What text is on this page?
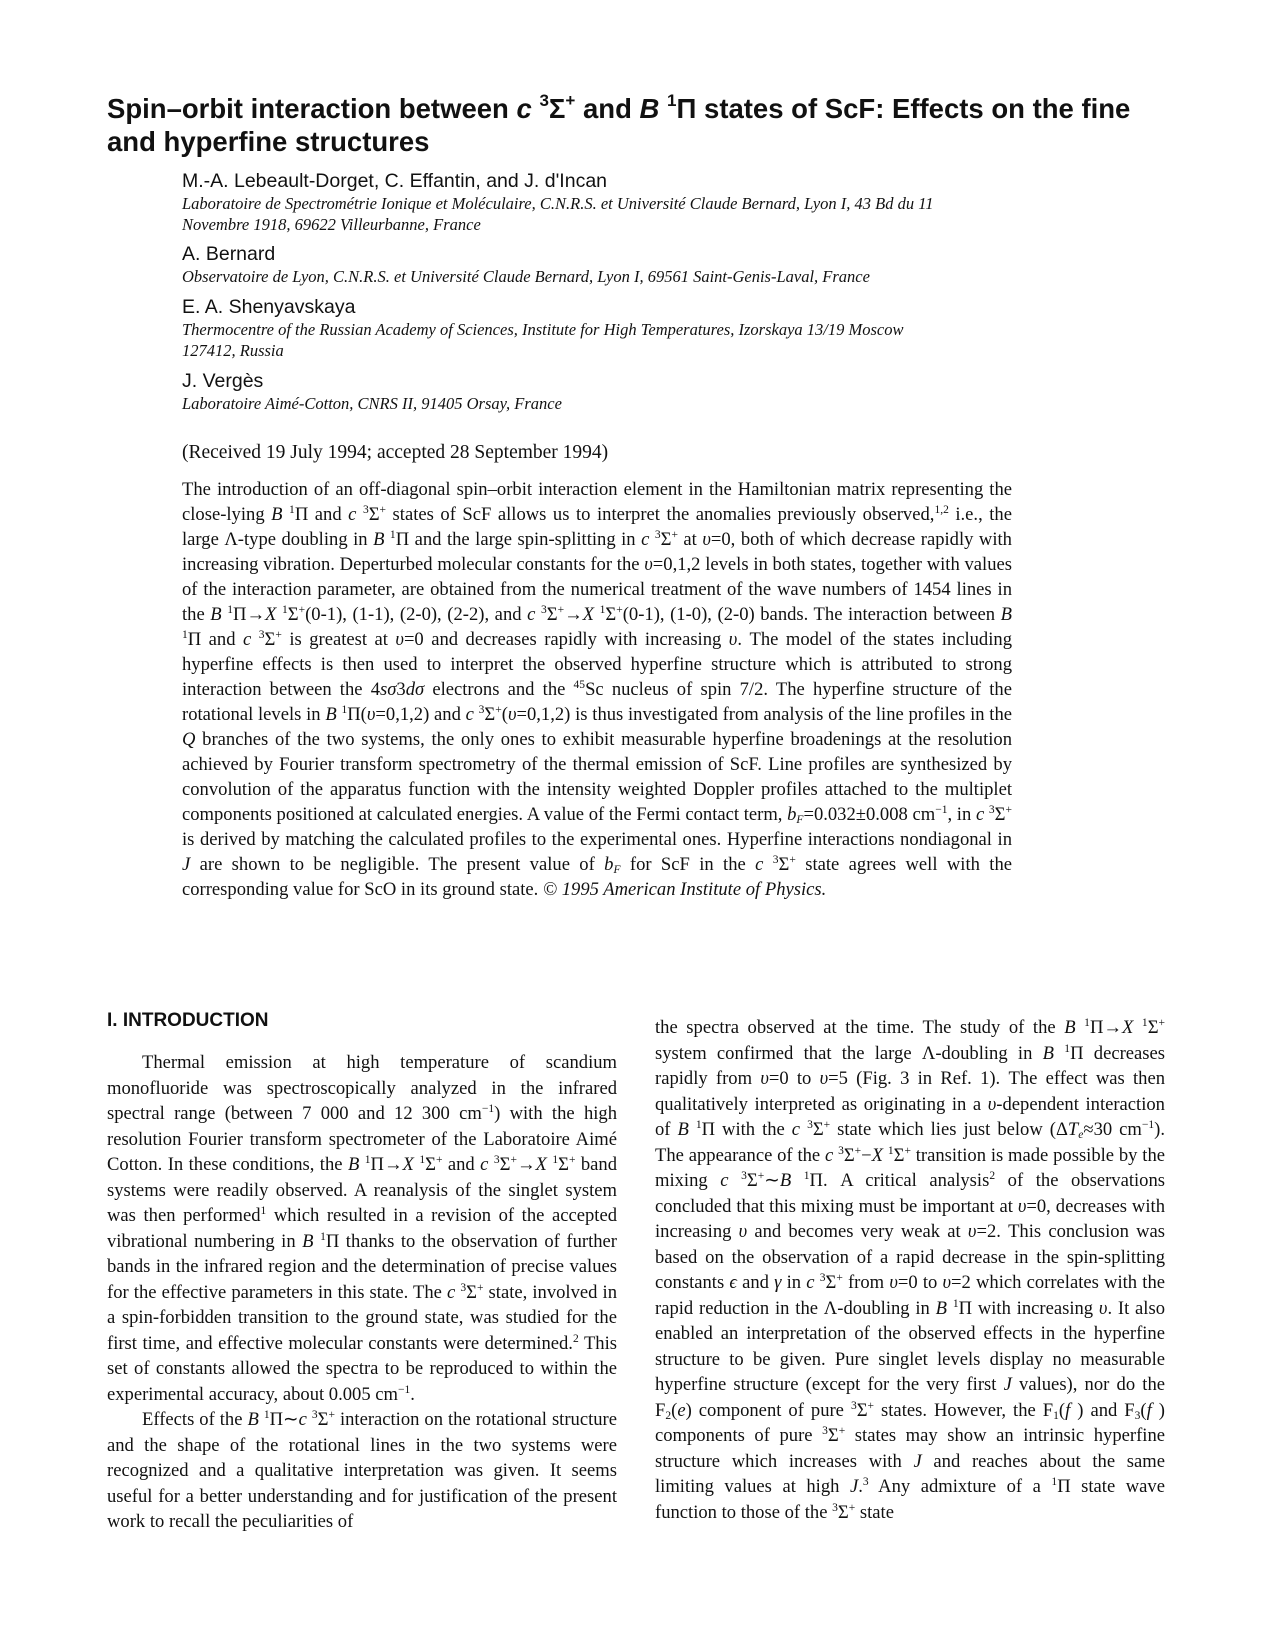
Spin–orbit interaction between c $^3$Σ+ and B $^1$Π states of ScF: Effects on the fine and hyperfine structures
M.-A. Lebeault-Dorget, C. Effantin, and J. d'Incan
Laboratoire de Spectrométrie Ionique et Moléculaire, C.N.R.S. et Université Claude Bernard, Lyon I, 43 Bd du 11 Novembre 1918, 69622 Villeurbanne, France
A. Bernard
Observatoire de Lyon, C.N.R.S. et Université Claude Bernard, Lyon I, 69561 Saint-Genis-Laval, France
E. A. Shenyavskaya
Thermocentre of the Russian Academy of Sciences, Institute for High Temperatures, Izorskaya 13/19 Moscow 127412, Russia
J. Vergès
Laboratoire Aimé-Cotton, CNRS II, 91405 Orsay, France
(Received 19 July 1994; accepted 28 September 1994)

The introduction of an off-diagonal spin–orbit interaction element in the Hamiltonian matrix representing the close-lying B $^1$Π and c $^3$Σ+ states of ScF allows us to interpret the anomalies previously observed,$^{1,2}$ i.e., the large Λ-type doubling in B $^1$Π and the large spin-splitting in c $^3$Σ+ at υ=0, both of which decrease rapidly with increasing vibration. Deperturbed molecular constants for the υ=0,1,2 levels in both states, together with values of the interaction parameter, are obtained from the numerical treatment of the wave numbers of 1454 lines in the B $^1$Π→X $^1$Σ+(0-1), (1-1), (2-0), (2-2), and c $^3$Σ+→X $^1$Σ+(0-1), (1-0), (2-0) bands. The interaction between B $^1$Π and c $^3$Σ+ is greatest at υ=0 and decreases rapidly with increasing υ. The model of the states including hyperfine effects is then used to interpret the observed hyperfine structure which is attributed to strong interaction between the 4sσ3dσ electrons and the $^{45}$Sc nucleus of spin 7/2. The hyperfine structure of the rotational levels in B $^1$Π(υ=0,1,2) and c $^3$Σ+(υ=0,1,2) is thus investigated from analysis of the line profiles in the Q branches of the two systems, the only ones to exhibit measurable hyperfine broadenings at the resolution achieved by Fourier transform spectrometry of the thermal emission of ScF. Line profiles are synthesized by convolution of the apparatus function with the intensity weighted Doppler profiles attached to the multiplet components positioned at calculated energies. A value of the Fermi contact term, $b_F=0.032\pm 0.008$ $cm^{-1}$, in c $^3$Σ+ is derived by matching the calculated profiles to the experimental ones. Hyperfine interactions nondiagonal in J are shown to be negligible. The present value of $b_F$ for ScF in the c $^3$Σ+ state agrees well with the corresponding value for ScO in its ground state. © 1995 American Institute of Physics.

I. INTRODUCTION

Thermal emission at high temperature of scandium monofluoride was spectroscopically analyzed in the infrared spectral range (between 7 000 and 12 300 $cm^{-1}$) with the high resolution Fourier transform spectrometer of the Laboratoire Aimé Cotton. In these conditions, the B $^1$Π→X $^1$Σ+ and c $^3$Σ+→X $^1$Σ+ band systems were readily observed. A reanalysis of the singlet system was then performed$^1$ which resulted in a revision of the accepted vibrational numbering in B $^1$Π thanks to the observation of further bands in the infrared region and the determination of precise values for the effective parameters in this state. The c $^3$Σ+ state, involved in a spin-forbidden transition to the ground state, was studied for the first time, and effective molecular constants were determined.$^2$ This set of constants allowed the spectra to be reproduced to within the experimental accuracy, about 0.005 $cm^{-1}$.

Effects of the B $^1$Π∼c $^3$Σ+ interaction on the rotational structure and the shape of the rotational lines in the two systems were recognized and a qualitative interpretation was given. It seems useful for a better understanding and for justification of the present work to recall the peculiarities of

the spectra observed at the time. The study of the B $^1$Π→X $^1$Σ+ system confirmed that the large Λ-doubling in B $^1$Π decreases rapidly from υ=0 to υ=5 (Fig. 3 in Ref. 1). The effect was then qualitatively interpreted as originating in a υ-dependent interaction of B $^1$Π with the c $^3$Σ+ state which lies just below ($\Delta T_e\approx 30$ $cm^{-1}$). The appearance of the c $^3$Σ+−X $^1$Σ+ transition is made possible by the mixing c $^3$Σ+∼B $^1$Π. A critical analysis$^2$ of the observations concluded that this mixing must be important at υ=0, decreases with increasing υ and becomes very weak at υ=2. This conclusion was based on the observation of a rapid decrease in the spin-splitting constants ϵ and γ in c $^3$Σ+ from υ=0 to υ=2 which correlates with the rapid reduction in the Λ-doubling in B $^1$Π with increasing υ. It also enabled an interpretation of the observed effects in the hyperfine structure to be given. Pure singlet levels display no measurable hyperfine structure (except for the very first J values), nor do the $F_2(e)$ component of pure $^3$Σ+ states. However, the $F_1(f$ ) and $F_3(f$ ) components of pure $^3$Σ+ states may show an intrinsic hyperfine structure which increases with J and reaches about the same limiting values at high J.$^3$ Any admixture of a $^1$Π state wave function to those of the $^3$Σ+ state
